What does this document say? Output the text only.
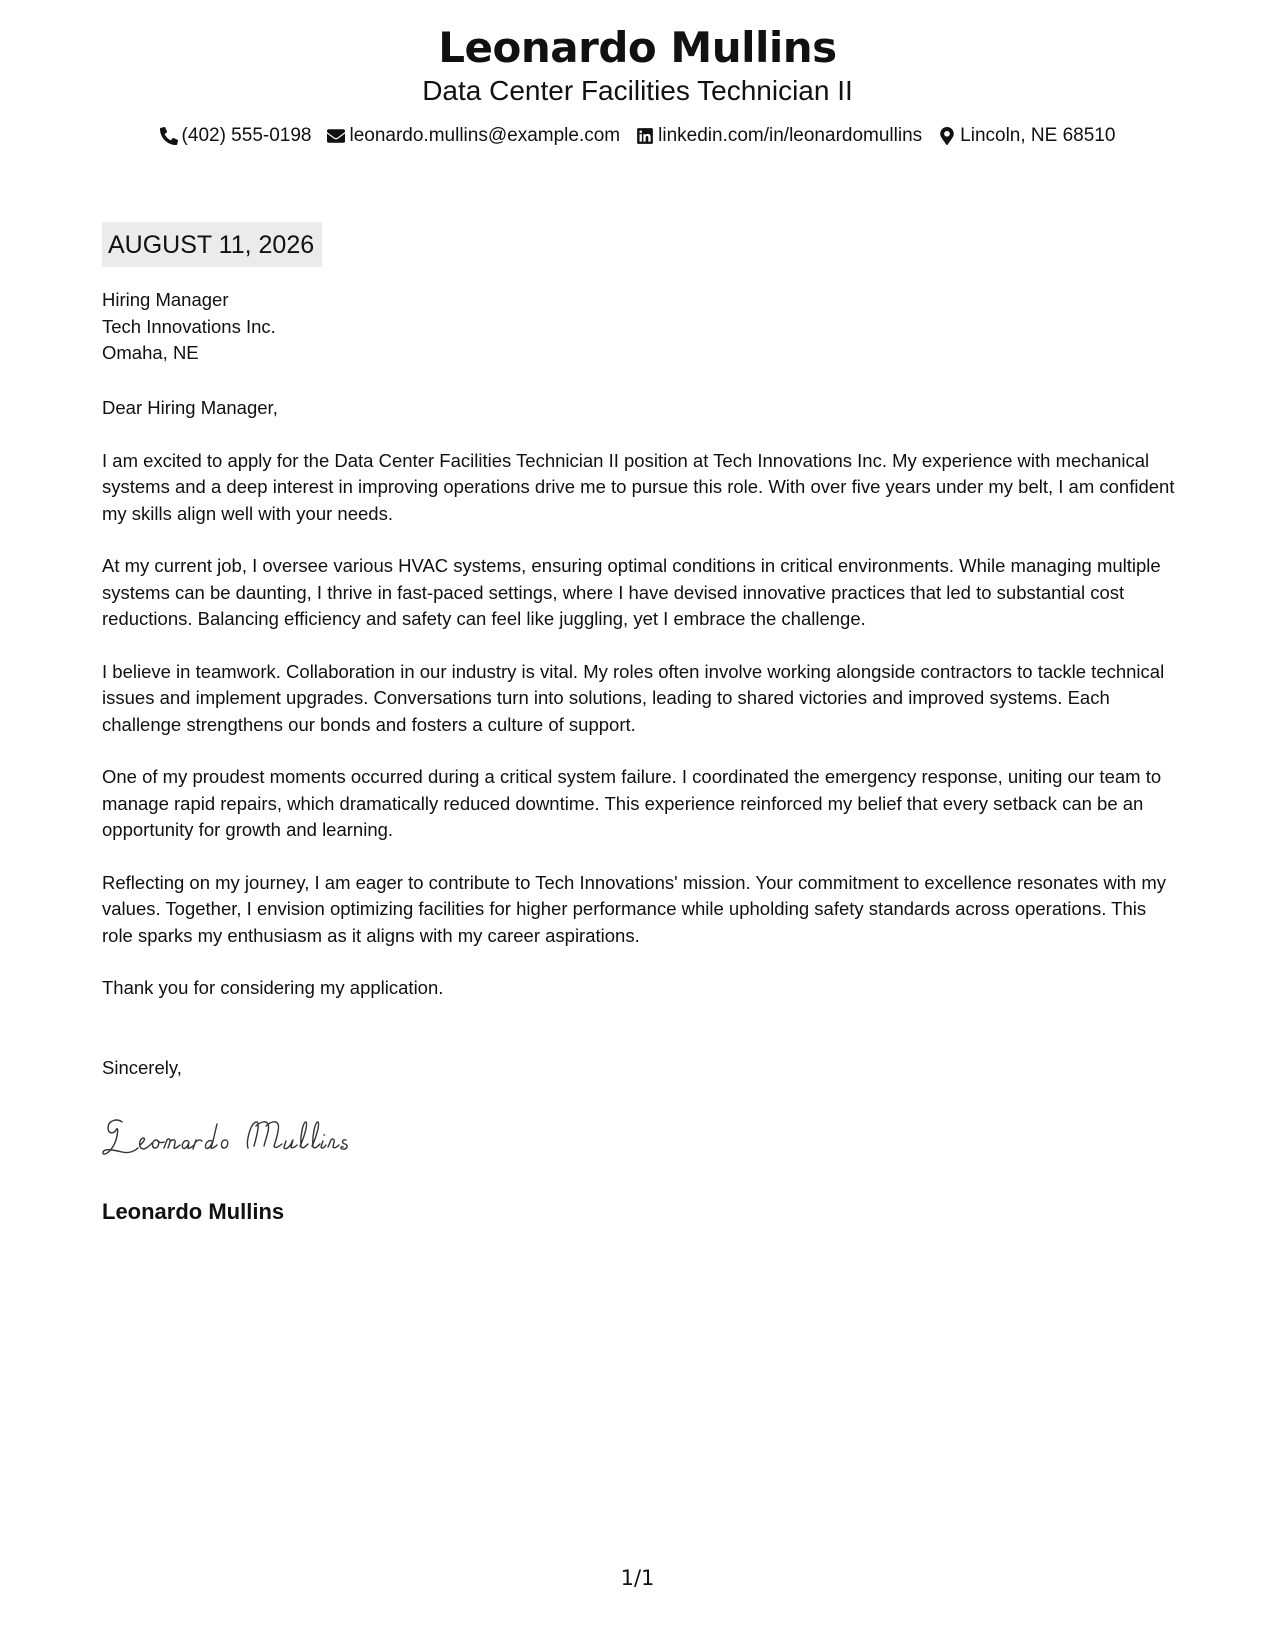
Leonardo Mullins
Data Center Facilities Technician II
(402) 555-0198 leonardo.mullins@example.com linkedin.com/in/leonardomullins Lincoln, NE 68510
AUGUST 11, 2026
Hiring Manager
Tech Innovations Inc.
Omaha, NE

Dear Hiring Manager,

I am excited to apply for the Data Center Facilities Technician II position at Tech Innovations Inc. My experience with mechanical systems and a deep interest in improving operations drive me to pursue this role. With over five years under my belt, I am confident my skills align well with your needs.

At my current job, I oversee various HVAC systems, ensuring optimal conditions in critical environments. While managing multiple systems can be daunting, I thrive in fast-paced settings, where I have devised innovative practices that led to substantial cost reductions. Balancing efficiency and safety can feel like juggling, yet I embrace the challenge.

I believe in teamwork. Collaboration in our industry is vital. My roles often involve working alongside contractors to tackle technical issues and implement upgrades. Conversations turn into solutions, leading to shared victories and improved systems. Each challenge strengthens our bonds and fosters a culture of support.

One of my proudest moments occurred during a critical system failure. I coordinated the emergency response, uniting our team to manage rapid repairs, which dramatically reduced downtime. This experience reinforced my belief that every setback can be an opportunity for growth and learning.

Reflecting on my journey, I am eager to contribute to Tech Innovations' mission. Your commitment to excellence resonates with my values. Together, I envision optimizing facilities for higher performance while upholding safety standards across operations. This role sparks my enthusiasm as it aligns with my career aspirations.

Thank you for considering my application.

Sincerely,
Leonardo Mullins
1/1
